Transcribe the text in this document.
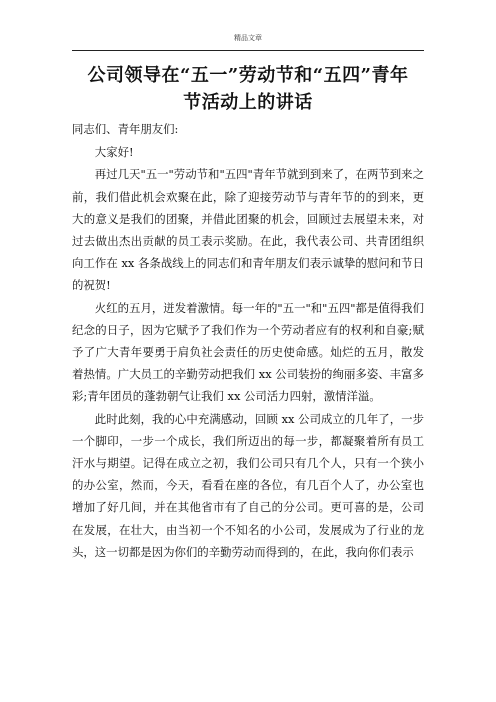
精品文章
公司领导在“五一”劳动节和“五四”青年
节活动上的讲话

同志们、青年朋友们:

大家好!

再过几天"五一"劳动节和"五四"青年节就到到来了，在两节到来之前，我们借此机会欢聚在此，除了迎接劳动节与青年节的的到来，更大的意义是我们的团聚，并借此团聚的机会，回顾过去展望未来，对过去做出杰出贡献的员工表示奖励。在此，我代表公司、共青团组织向工作在 xx 各条战线上的同志们和青年朋友们表示诚挚的慰问和节日的祝贺!

火红的五月，迸发着激情。每一年的"五一"和"五四"都是值得我们纪念的日子，因为它赋予了我们作为一个劳动者应有的权利和自豪;赋予了广大青年要勇于肩负社会责任的历史使命感。灿烂的五月，散发着热情。广大员工的辛勤劳动把我们 xx 公司装扮的绚丽多姿、丰富多彩;青年团员的蓬勃朝气让我们 xx 公司活力四射，激情洋溢。

此时此刻，我的心中充满感动，回顾 xx 公司成立的几年了，一步一个脚印，一步一个成长，我们所迈出的每一步，都凝聚着所有员工汗水与期望。记得在成立之初，我们公司只有几个人，只有一个狭小的办公室，然而，今天，看看在座的各位，有几百个人了，办公室也增加了好几间，并在其他省市有了自己的分公司。更可喜的是，公司在发展，在壮大，由当初一个不知名的小公司，发展成为了行业的龙头，这一切都是因为你们的辛勤劳动而得到的，在此，我向你们表示
